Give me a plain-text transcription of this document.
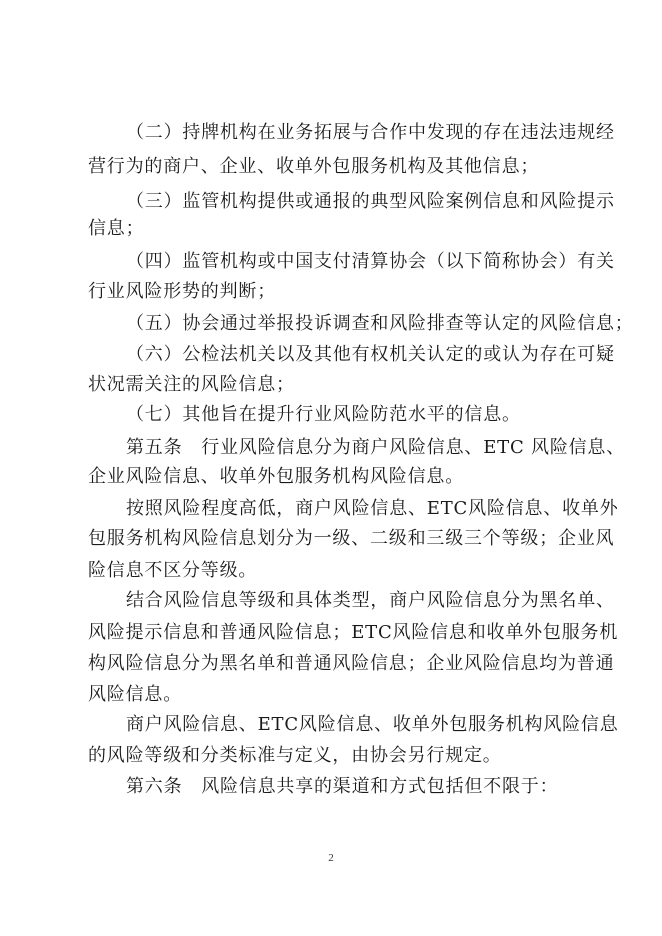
（二）持牌机构在业务拓展与合作中发现的存在违法违规经
营行为的商户、企业、收单外包服务机构及其他信息；
（三）监管机构提供或通报的典型风险案例信息和风险提示
信息；
（四）监管机构或中国支付清算协会（以下简称协会）有关
行业风险形势的判断；
（五）协会通过举报投诉调查和风险排查等认定的风险信息；
（六）公检法机关以及其他有权机关认定的或认为存在可疑
状况需关注的风险信息；
（七）其他旨在提升行业风险防范水平的信息。
第五条　行业风险信息分为商户风险信息、ETC 风险信息、
企业风险信息、收单外包服务机构风险信息。
按照风险程度高低，商户风险信息、ETC风险信息、收单外
包服务机构风险信息划分为一级、二级和三级三个等级；企业风
险信息不区分等级。
结合风险信息等级和具体类型，商户风险信息分为黑名单、
风险提示信息和普通风险信息；ETC风险信息和收单外包服务机
构风险信息分为黑名单和普通风险信息；企业风险信息均为普通
风险信息。
商户风险信息、ETC风险信息、收单外包服务机构风险信息
的风险等级和分类标准与定义，由协会另行规定。
第六条　风险信息共享的渠道和方式包括但不限于：
2
